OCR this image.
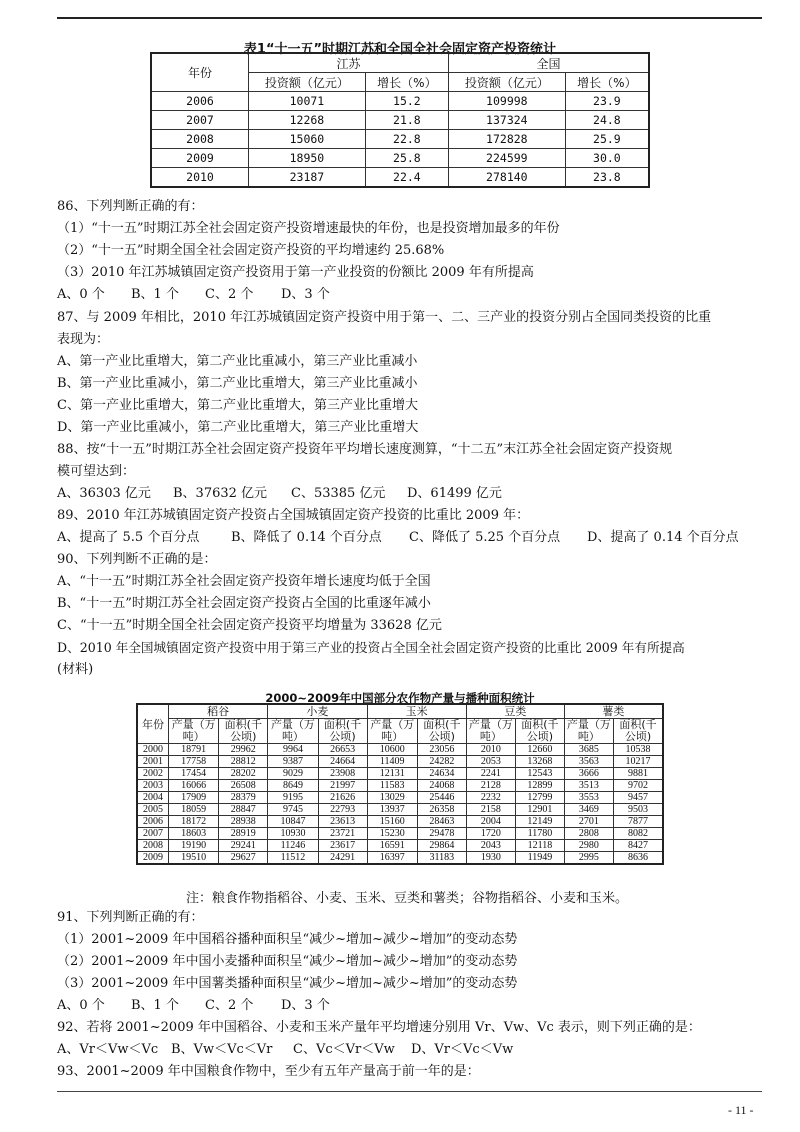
表1“十一五”时期江苏和全国全社会固定资产投资统计
年份	江苏		全国	
	投资额（亿元）	增长（%）	投资额（亿元）	增长（%）
2006	10071	15.2	109998	23.9
2007	12268	21.8	137324	24.8
2008	15060	22.8	172828	25.9
2009	18950	25.8	224599	30.0
2010	23187	22.4	278140	23.8
86、下列判断正确的有：
（1）“十一五”时期江苏全社会固定资产投资增速最快的年份，也是投资增加最多的年份
（2）“十一五”时期全国全社会固定资产投资的平均增速约 25.68%
（3）2010 年江苏城镇固定资产投资用于第一产业投资的份额比 2009 年有所提高
A、0 个 B、1 个 C、2 个 D、3 个
87、与 2009 年相比，2010 年江苏城镇固定资产投资中用于第一、二、三产业的投资分别占全国同类投资的比重
表现为：
A、第一产业比重增大，第二产业比重减小，第三产业比重减小
B、第一产业比重减小，第二产业比重增大，第三产业比重减小
C、第一产业比重增大，第二产业比重增大，第三产业比重增大
D、第一产业比重减小，第二产业比重增大，第三产业比重增大
88、按“十一五”时期江苏全社会固定资产投资年平均增长速度测算，“十二五”末江苏全社会固定资产投资规
模可望达到：
A、36303 亿元 B、37632 亿元 C、53385 亿元 D、61499 亿元
89、2010 年江苏城镇固定资产投资占全国城镇固定资产投资的比重比 2009 年：
A、提高了 5.5 个百分点 B、降低了 0.14 个百分点 C、降低了 5.25 个百分点 D、提高了 0.14 个百分点
90、下列判断不正确的是：
A、“十一五”时期江苏全社会固定资产投资年增长速度均低于全国
B、“十一五”时期江苏全社会固定资产投资占全国的比重逐年减小
C、“十一五”时期全国全社会固定资产投资平均增量为 33628 亿元
D、2010 年全国城镇固定资产投资中用于第三产业的投资占全国全社会固定资产投资的比重比 2009 年有所提高
(材料)
2000~2009年中国部分农作物产量与播种面积统计
年份	稻谷		小麦		玉米		豆类		薯类	
	产量（万吨）	面积(千公顷)	产量（万吨）	面积(千公顷)	产量（万吨）	面积(千公顷)	产量（万吨）	面积(千公顷)	产量（万吨）	面积(千公顷)
2000	18791	29962	9964	26653	10600	23056	2010	12660	3685	10538
2001	17758	28812	9387	24664	11409	24282	2053	13268	3563	10217
2002	17454	28202	9029	23908	12131	24634	2241	12543	3666	9881
2003	16066	26508	8649	21997	11583	24068	2128	12899	3513	9702
2004	17909	28379	9195	21626	13029	25446	2232	12799	3553	9457
2005	18059	28847	9745	22793	13937	26358	2158	12901	3469	9503
2006	18172	28938	10847	23613	15160	28463	2004	12149	2701	7877
2007	18603	28919	10930	23721	15230	29478	1720	11780	2808	8082
2008	19190	29241	11246	23617	16591	29864	2043	12118	2980	8427
2009	19510	29627	11512	24291	16397	31183	1930	11949	2995	8636
注：粮食作物指稻谷、小麦、玉米、豆类和薯类；谷物指稻谷、小麦和玉米。
91、下列判断正确的有：
（1）2001~2009 年中国稻谷播种面积呈“减少~增加~减少~增加”的变动态势
（2）2001~2009 年中国小麦播种面积呈“减少~增加~减少~增加”的变动态势
（3）2001~2009 年中国薯类播种面积呈“减少~增加~减少~增加”的变动态势
A、0 个 B、1 个 C、2 个 D、3 个
92、若将 2001~2009 年中国稻谷、小麦和玉米产量年平均增速分别用 Vr、Vw、Vc 表示，则下列正确的是：
A、Vr＜Vw＜Vc B、Vw＜Vc＜Vr C、Vc＜Vr＜Vw D、Vr＜Vc＜Vw
93、2001~2009 年中国粮食作物中，至少有五年产量高于前一年的是：
- 11 -
